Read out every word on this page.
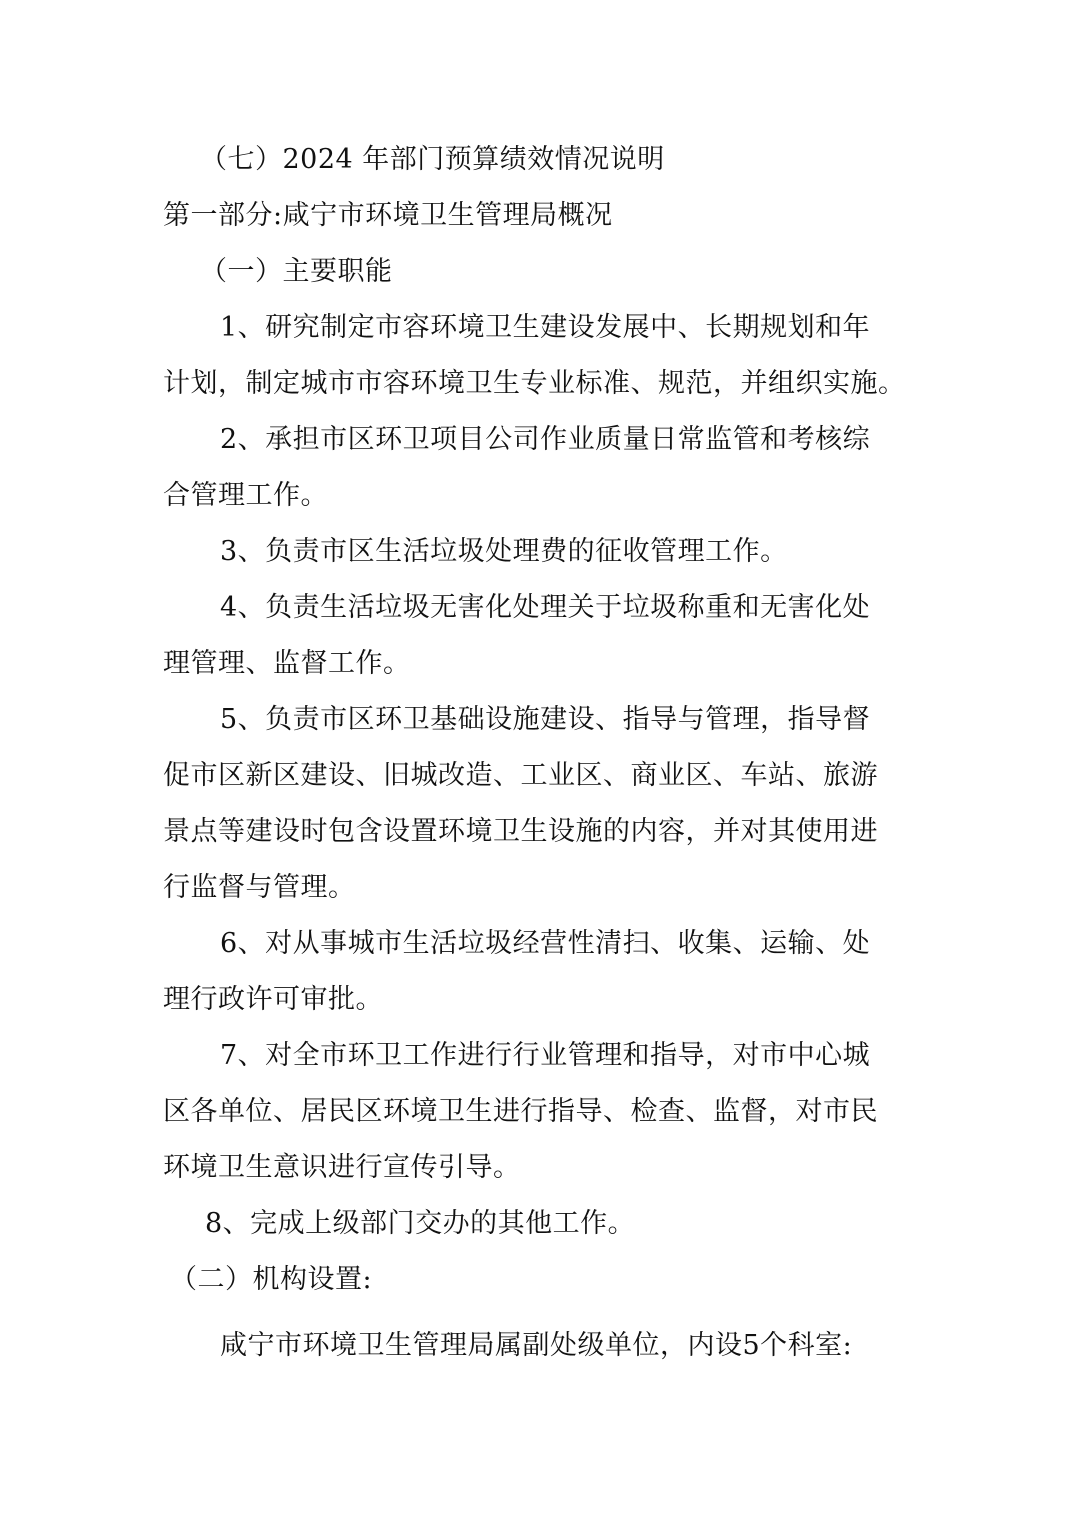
（七）2024 年部门预算绩效情况说明
第一部分:咸宁市环境卫生管理局概况
（一）主要职能
1、研究制定市容环境卫生建设发展中、长期规划和年
计划，制定城市市容环境卫生专业标准、规范，并组织实施。
2、承担市区环卫项目公司作业质量日常监管和考核综
合管理工作。
3、负责市区生活垃圾处理费的征收管理工作。
4、负责生活垃圾无害化处理关于垃圾称重和无害化处
理管理、监督工作。
5、负责市区环卫基础设施建设、指导与管理，指导督
促市区新区建设、旧城改造、工业区、商业区、车站、旅游
景点等建设时包含设置环境卫生设施的内容，并对其使用进
行监督与管理。
6、对从事城市生活垃圾经营性清扫、收集、运输、处
理行政许可审批。
7、对全市环卫工作进行行业管理和指导，对市中心城
区各单位、居民区环境卫生进行指导、检查、监督，对市民
环境卫生意识进行宣传引导。
8、完成上级部门交办的其他工作。
（二）机构设置:
咸宁市环境卫生管理局属副处级单位，内设5个科室:
